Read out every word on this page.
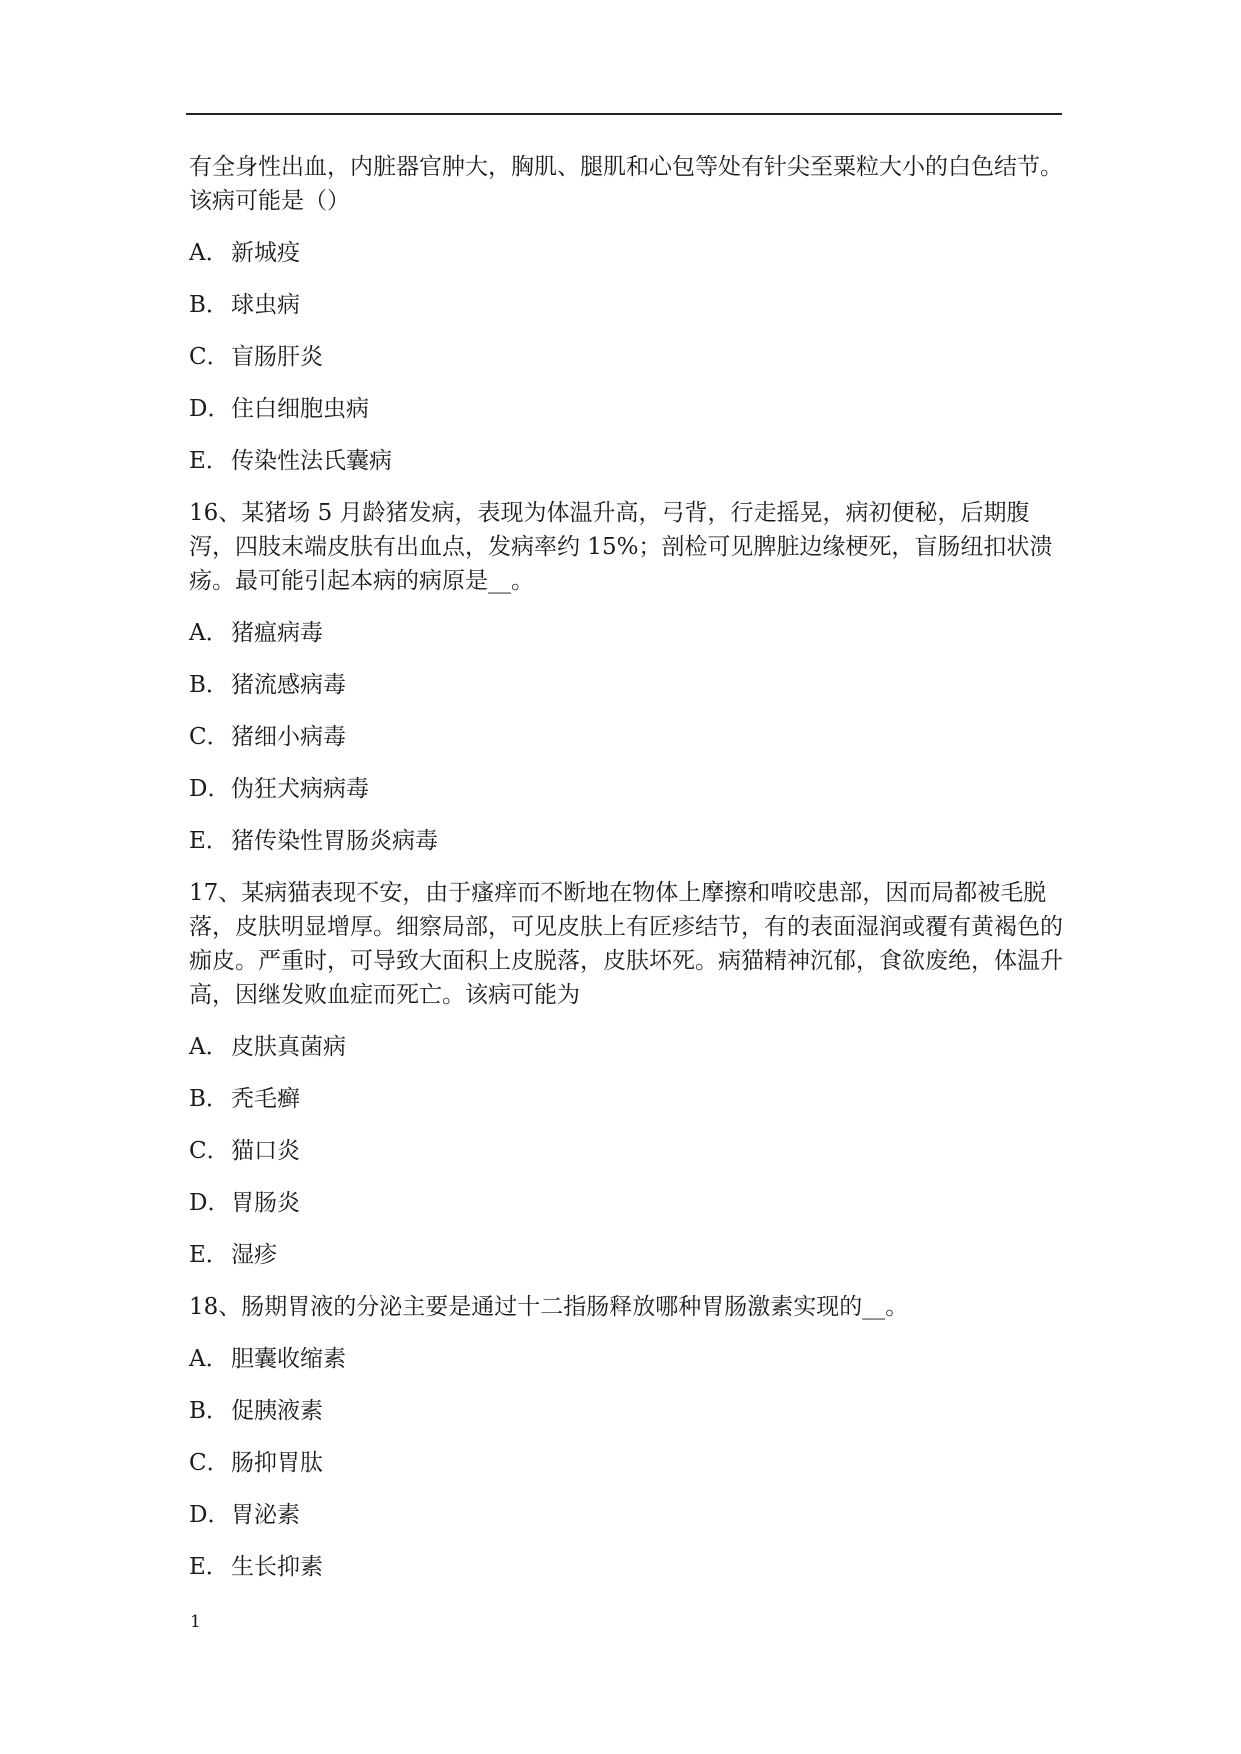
有全身性出血，内脏器官肿大，胸肌、腿肌和心包等处有针尖至粟粒大小的白色结节。该病可能是（）

A． 新城疫
B．球虫病
C．盲肠肝炎
D．住白细胞虫病
E．传染性法氏囊病

16、某猪场 5 月龄猪发病，表现为体温升高，弓背，行走摇晃，病初便秘，后期腹泻，四肢末端皮肤有出血点，发病率约 15%；剖检可见脾脏边缘梗死，盲肠纽扣状溃疡。最可能引起本病的病原是__。

A． 猪瘟病毒
B．猪流感病毒
C．猪细小病毒
D．伪狂犬病病毒
E．猪传染性胃肠炎病毒

17、某病猫表现不安，由于瘙痒而不断地在物体上摩擦和啃咬患部，因而局都被毛脱落，皮肤明显增厚。细察局部，可见皮肤上有匠疹结节，有的表面湿润或覆有黄褐色的痂皮。严重时，可导致大面积上皮脱落，皮肤坏死。病猫精神沉郁，食欲废绝，体温升高，因继发败血症而死亡。该病可能为

A． 皮肤真菌病
B．秃毛癣
C．猫口炎
D．胃肠炎
E．湿疹

18、肠期胃液的分泌主要是通过十二指肠释放哪种胃肠激素实现的__。

A． 胆囊收缩素
B．促胰液素
C．肠抑胃肽
D．胃泌素
E．生长抑素
1
